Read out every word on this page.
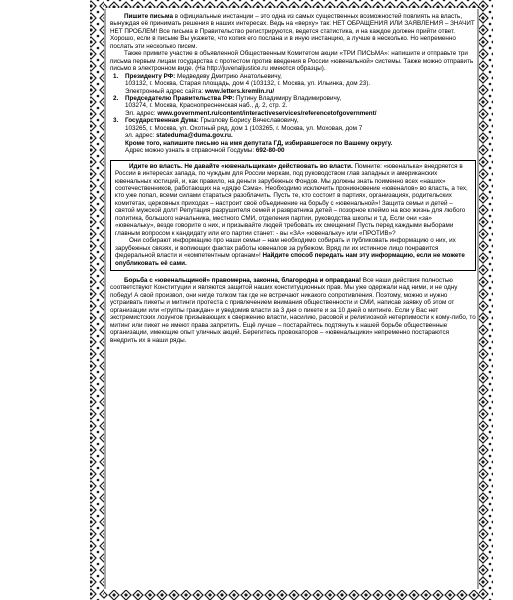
Пишите письма в официальные инстанции – это одна из самых существенных возможностей повлиять на власть, вынуждая её принимать решения в наших интересах. Ведь на «верху» так: НЕТ ОБРАЩЕНИЯ ИЛИ ЗАЯВЛЕНИЯ – ЗНАЧИТ НЕТ ПРОБЛЕМ! Все письма в Правительство регистрируются, ведется статистика, и на каждое должен прийти ответ. Хорошо, если в письме Вы укажете, что копия его послана и в иную инстанцию, а лучше в несколько. Но непременно послать эти несколько писем.

Также примите участие в объявленной Общественным Комитетом акции «ТРИ ПИСЬМА»: напишите и отправьте три письма первым лицам государства с протестом против введения в России «ювенальной» системы. Также можно отправить письмо в электронном виде. (На http://juvenaljustice.ru имеются образцы).

1. Президенту РФ: Медведеву Дмитрию Анатольевичу,
103132, г. Москва, Старая площадь, дом 4 (103132, г. Москва, ул. Ильинка, дом 23).
Электронный адрес сайта: www.letters.kremlin.ru/
2. Председателю Правительства РФ: Путину Владимиру Владимировичу,
103274, г. Москва, Краснопресненская наб., д. 2, стр. 2.
Эл. адрес: www.government.ru/content/interactiveservices/referencetofgovernment/
3. Государственная Дума: Грызлову Борису Вячеславовичу,
103265, г. Москва, ул. Охотный ряд, дом 1 (103265, г. Москва, ул. Моховая, дом 7
эл. адрес: stateduma@duma.gov.ru.
Кроме того, напишите письмо на имя депутата ГД, избиравшегося по Вашему округу.
Адрес можно узнать в справочной Госдумы: 692-80-00

Идите во власть. Не давайте «ювенальщикам» действовать во власти. Помните: «ювеналька» внедряется в России в интересах запада, по чуждым для России меркам, под руководством глав западных и американских ювенальных юстиций, и, как правило, на деньги зарубежных Фондов. Мы должны знать поименно всех «наших» соотечественников, работающих на «дядю Сэма». Необходимо исключить проникновение «ювеналов» во власть, а тех, кто уже попал, всеми силами стараться разоблачить. Пусть те, кто состоит в партиях, организациях, родительских комитетах, церковных приходах – настроит своё объединение на борьбу с «ювенальной»! Защита семьи и детей – святой мужской долг! Репутация разрушителя семей и развратника детей – позорное клеймо на всю жизнь для любого политика, большого начальника, местного СМИ, отделения партии, руководства школы и т.д. Если они «за» «ювенальку», везде говорите о них, и призывайте людей требовать их смещения! Пусть перед каждыми выборами главным вопросом к кандидату или его партии станет: - вы «ЗА» «ювенальку» или «ПРОТИВ»?

Они собирают информацию про наши семьи – нам необходимо собирать и публиковать информацию о них, их зарубежных связях, и вопиющих фактах работы ювеналов за рубежом. Вряд ли их истинное лицо понравится федеральной власти и «компетентным органам»! Найдите способ передать нам эту информацию, если не можете опубликовать её сами.

Борьба с «ювенальщиной» правомерна, законна, благородна и оправдана! Все наши действия полностью соответствуют Конституции и являются защитой наших конституционных прав. Мы уже одержали над ними, и не одну победу! А свой произвол, они нигде толком так где не встречают никакого сопротивления. Поэтому, можно и нужно устраивать пикеты и митинги протеста с привлечением внимания общественности и СМИ, написав заявку об этом от организации или «группы граждан» и уведомив власти за 3 дня о пикете и за 10 дней о митинге. Если у Вас нет экстремистских лозунгов призывающих к свержению власти, насилию, расовой и религиозной нетерпимости к кому-либо, то митинг или пикет не имеют права запретить. Ещё лучше – постарайтесь подтянуть к нашей борьбе общественные организации, имеющие опыт уличных акций. Берегитесь провокаторов – «ювенальщики» непременно постараются внедрить их в наши ряды.
